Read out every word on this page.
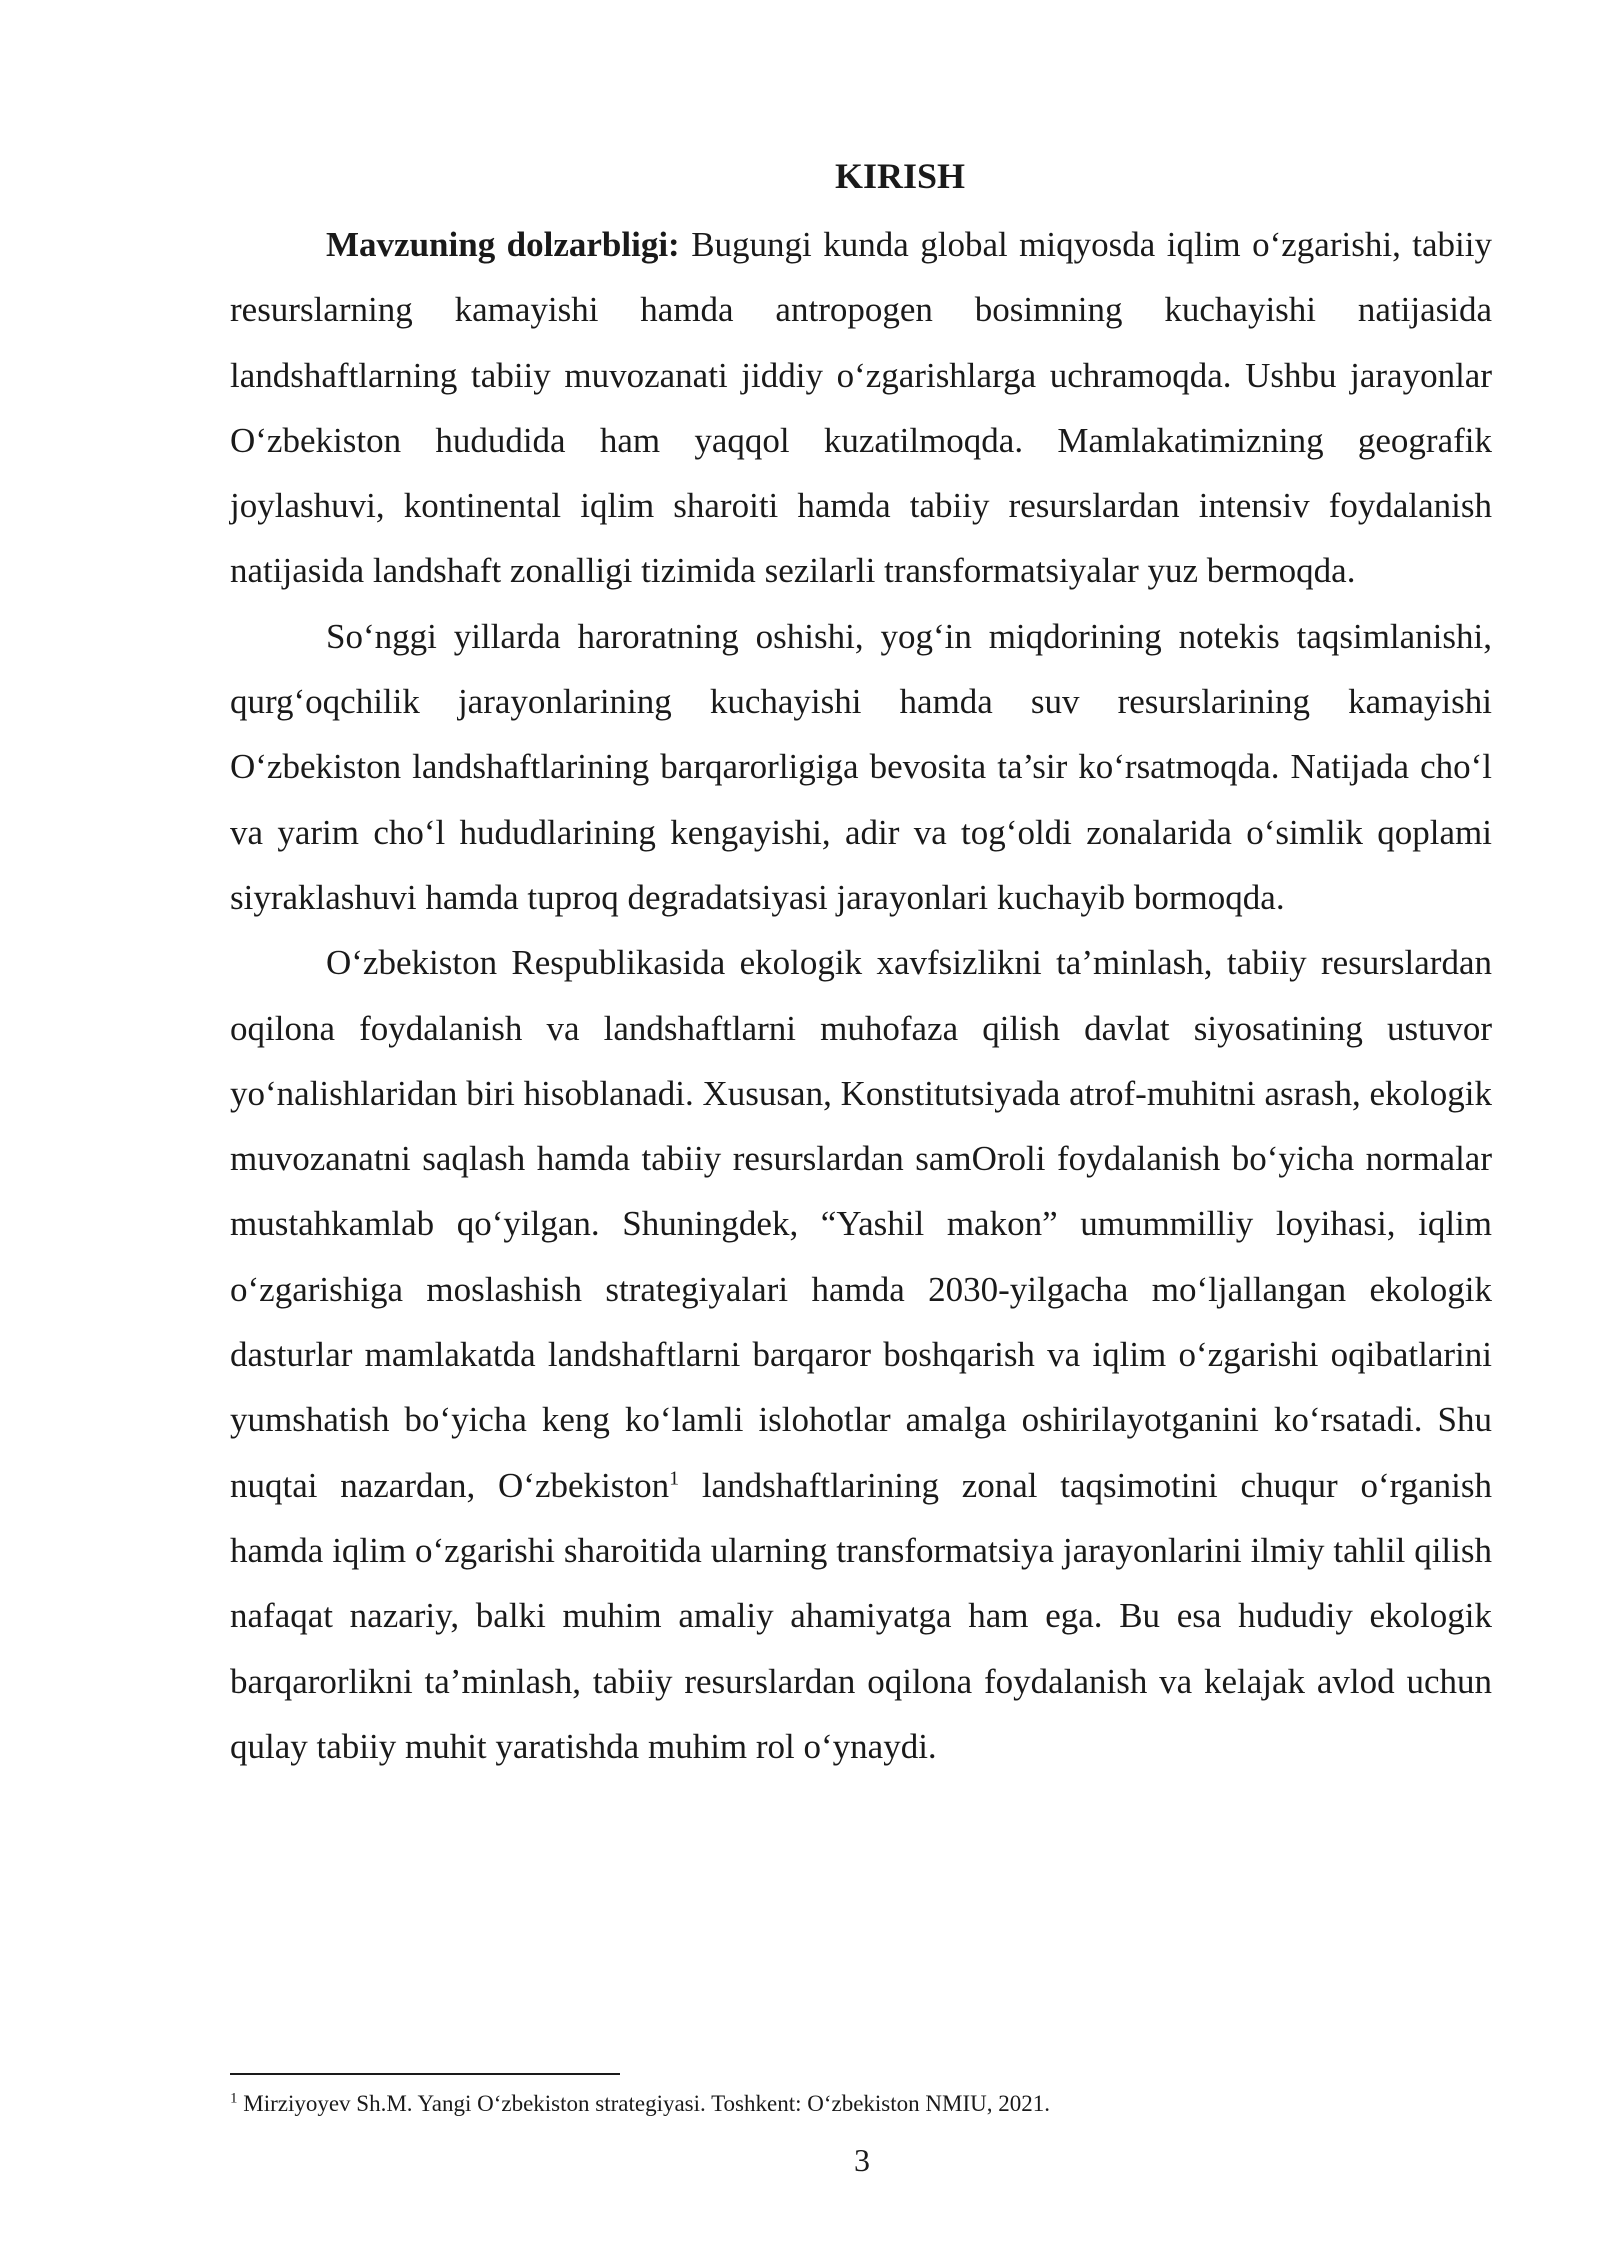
KIRISH

Mavzuning dolzarbligi: Bugungi kunda global miqyosda iqlim o‘zgarishi, tabiiy resurslarning kamayishi hamda antropogen bosimning kuchayishi natijasida landshaftlarning tabiiy muvozanati jiddiy o‘zgarishlarga uchramoqda. Ushbu jarayonlar O‘zbekiston hududida ham yaqqol kuzatilmoqda. Mamlakatimizning geografik joylashuvi, kontinental iqlim sharoiti hamda tabiiy resurslardan intensiv foydalanish natijasida landshaft zonalligi tizimida sezilarli transformatsiyalar yuz bermoqda.

So‘nggi yillarda haroratning oshishi, yog‘in miqdorining notekis taqsimlanishi, qurg‘oqchilik jarayonlarining kuchayishi hamda suv resurslarining kamayishi O‘zbekiston landshaftlarining barqarorligiga bevosita ta’sir ko‘rsatmoqda. Natijada cho‘l va yarim cho‘l hududlarining kengayishi, adir va tog‘oldi zonalarida o‘simlik qoplami siyraklashuvi hamda tuproq degradatsiyasi jarayonlari kuchayib bormoqda.

O‘zbekiston Respublikasida ekologik xavfsizlikni ta’minlash, tabiiy resurslardan oqilona foydalanish va landshaftlarni muhofaza qilish davlat siyosatining ustuvor yo‘nalishlaridan biri hisoblanadi. Xususan, Konstitutsiyada atrof-muhitni asrash, ekologik muvozanatni saqlash hamda tabiiy resurslardan samOroli foydalanish bo‘yicha normalar mustahkamlab qo‘yilgan. Shuningdek, “Yashil makon” umummilliy loyihasi, iqlim o‘zgarishiga moslashish strategiyalari hamda 2030-yilgacha mo‘ljallangan ekologik dasturlar mamlakatda landshaftlarni barqaror boshqarish va iqlim o‘zgarishi oqibatlarini yumshatish bo‘yicha keng ko‘lamli islohotlar amalga oshirilayotganini ko‘rsatadi. Shu nuqtai nazardan, O‘zbekiston$^1$ landshaftlarining zonal taqsimotini chuqur o‘rganish hamda iqlim o‘zgarishi sharoitida ularning transformatsiya jarayonlarini ilmiy tahlil qilish nafaqat nazariy, balki muhim amaliy ahamiyatga ham ega. Bu esa hududiy ekologik barqarorlikni ta’minlash, tabiiy resurslardan oqilona foydalanish va kelajak avlod uchun qulay tabiiy muhit yaratishda muhim rol o‘ynaydi.

$^1$ Mirziyoyev Sh.M. Yangi O‘zbekiston strategiyasi. Toshkent: O‘zbekiston NMIU, 2021.

3
